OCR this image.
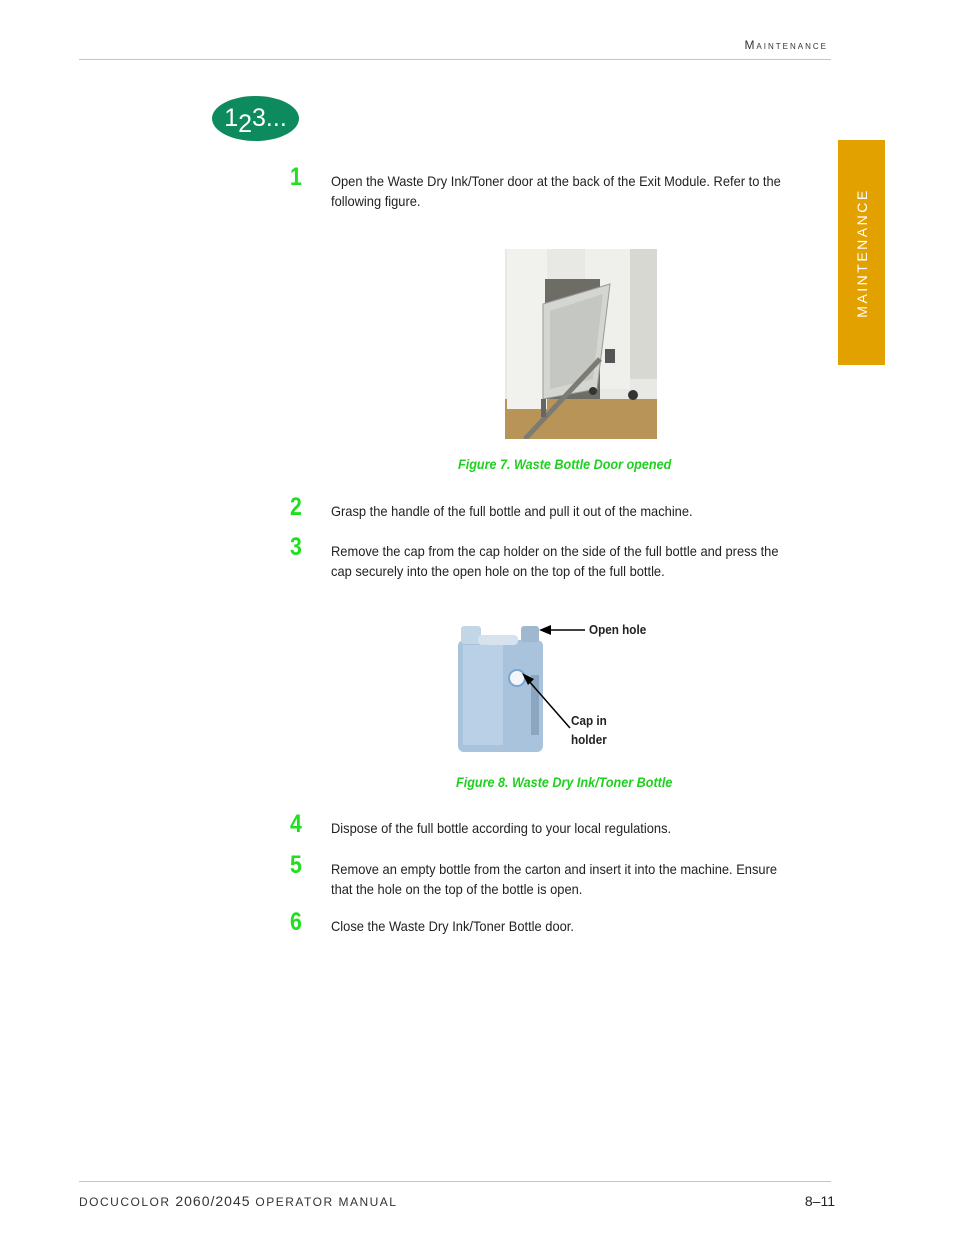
Maintenance
MAINTENANCE
1 2 3...
1 Open the Waste Dry Ink/Toner door at the back of the Exit Module. Refer to the following figure.
Figure 7. Waste Bottle Door opened
2 Grasp the handle of the full bottle and pull it out of the machine.
3 Remove the cap from the cap holder on the side of the full bottle and press the cap securely into the open hole on the top of the full bottle.
Open hole
Cap in
holder
Figure 8. Waste Dry Ink/Toner Bottle
4 Dispose of the full bottle according to your local regulations.
5 Remove an empty bottle from the carton and insert it into the machine. Ensure that the hole on the top of the bottle is open.
6 Close the Waste Dry Ink/Toner Bottle door.
DOCUCOLOR 2060/2045 OPERATOR MANUAL	8–11
